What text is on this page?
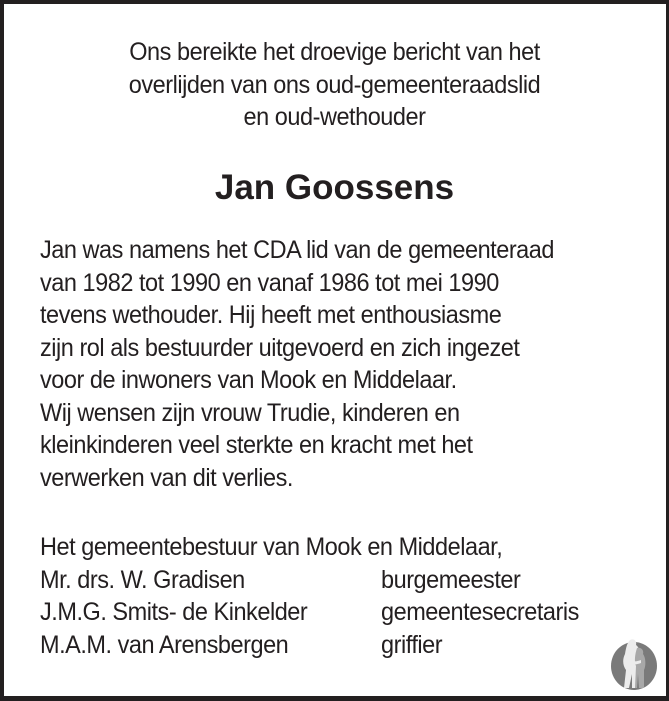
Ons bereikte het droevige bericht van het
overlijden van ons oud-gemeenteraadslid
en oud-wethouder
Jan Goossens
Jan was namens het CDA lid van de gemeenteraad
van 1982 tot 1990 en vanaf 1986 tot mei 1990
tevens wethouder. Hij heeft met enthousiasme
zijn rol als bestuurder uitgevoerd en zich ingezet
voor de inwoners van Mook en Middelaar.
Wij wensen zijn vrouw Trudie, kinderen en
kleinkinderen veel sterkte en kracht met het
verwerken van dit verlies.
Het gemeentebestuur van Mook en Middelaar,
Mr. drs. W. Gradisen	burgemeester
J.M.G. Smits- de Kinkelder	gemeentesecretaris
M.A.M. van Arensbergen	griffier
